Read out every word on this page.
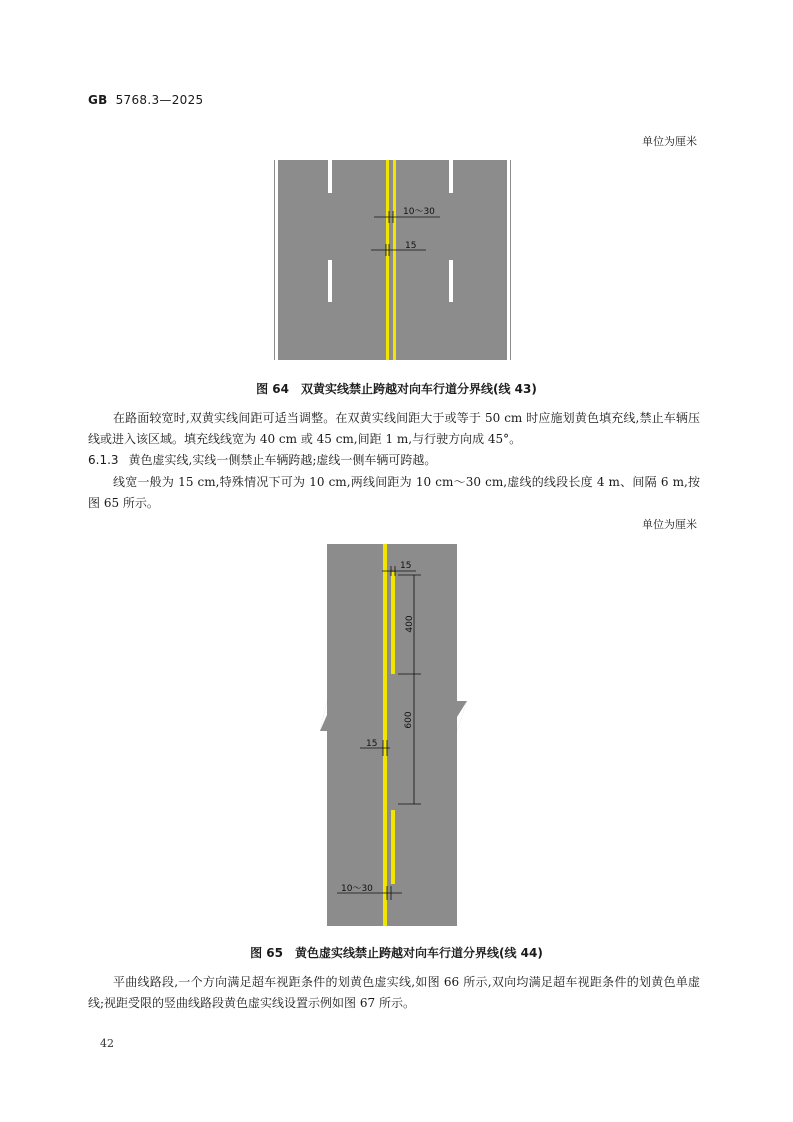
GB 5768.3—2025
单位为厘米
10～30
15
图 64　双黄实线禁止跨越对向车行道分界线(线 43)
在路面较宽时,双黄实线间距可适当调整。在双黄实线间距大于或等于 50 cm 时应施划黄色填充线,禁止车辆压线或进入该区域。填充线线宽为 40 cm 或 45 cm,间距 1 m,与行驶方向成 45°。
6.1.3 黄色虚实线,实线一侧禁止车辆跨越;虚线一侧车辆可跨越。
线宽一般为 15 cm,特殊情况下可为 10 cm,两线间距为 10 cm～30 cm,虚线的线段长度 4 m、间隔 6 m,按图 65 所示。
单位为厘米
15
400
600
15
10～30
图 65　黄色虚实线禁止跨越对向车行道分界线(线 44)
平曲线路段,一个方向满足超车视距条件的划黄色虚实线,如图 66 所示,双向均满足超车视距条件的划黄色单虚线;视距受限的竖曲线路段黄色虚实线设置示例如图 67 所示。
42
